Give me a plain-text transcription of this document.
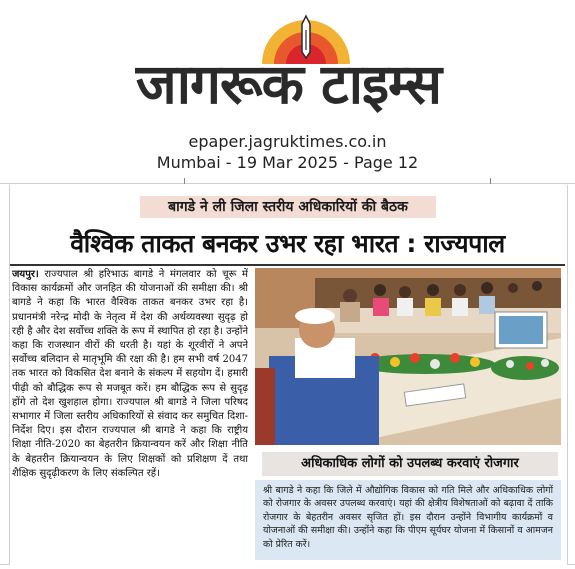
जागरूक टाइम्स
epaper.jagruktimes.co.in
Mumbai - 19 Mar 2025 - Page 12
बागडे ने ली जिला स्तरीय अधिकारियों की बैठक
वैश्विक ताकत बनकर उभर रहा भारत : राज्यपाल
जयपुर। राज्यपाल श्री हरिभाऊ बागडे ने मंगलवार को चूरू में विकास कार्यक्रमों और जनहित की योजनाओं की समीक्षा की। श्री बागडे ने कहा कि भारत वैश्विक ताकत बनकर उभर रहा है। प्रधानमंत्री नरेन्द्र मोदी के नेतृत्व में देश की अर्थव्यवस्था सुदृढ़ हो रही है और देश सर्वोच्च शक्ति के रूप में स्थापित हो रहा है। उन्होंने कहा कि राजस्थान वीरों की धरती है। यहां के शूरवीरों ने अपने सर्वोच्च बलिदान से मातृभूमि की रक्षा की है। हम सभी वर्ष 2047 तक भारत को विकसित देश बनाने के संकल्प में सहयोग दें। हमारी पीढ़ी को बौद्धिक रूप से मजबूत करें। हम बौद्धिक रूप से सुदृढ़ होंगे तो देश खुशहाल होगा। राज्यपाल श्री बागडे ने जिला परिषद सभागार में जिला स्तरीय अधिकारियों से संवाद कर समुचित दिशा-निर्देश दिए। इस दौरान राज्यपाल श्री बागडे ने कहा कि राष्ट्रीय शिक्षा नीति-2020 का बेहतरीन क्रियान्वयन करें और शिक्षा नीति के बेहतरीन क्रियान्वयन के लिए शिक्षकों को प्रशिक्षण दें तथा शैक्षिक सुदृढ़ीकरण के लिए संकल्पित रहें।
अधिकाधिक लोगों को उपलब्ध करवाएं रोजगार
श्री बागडे ने कहा कि जिले में औद्योगिक विकास को गति मिले और अधिकाधिक लोगों को रोजगार के अवसर उपलब्ध करवाएं। यहां की क्षेत्रीय विशेषताओं को बढ़ावा दें ताकि रोजगार के बेहतरीन अवसर सृजित हों। इस दौरान उन्होंने विभागीय कार्यक्रमों व योजनाओं की समीक्षा की। उन्होंने कहा कि पीएम सूर्यघर योजना में किसानों व आमजन को प्रेरित करें।
